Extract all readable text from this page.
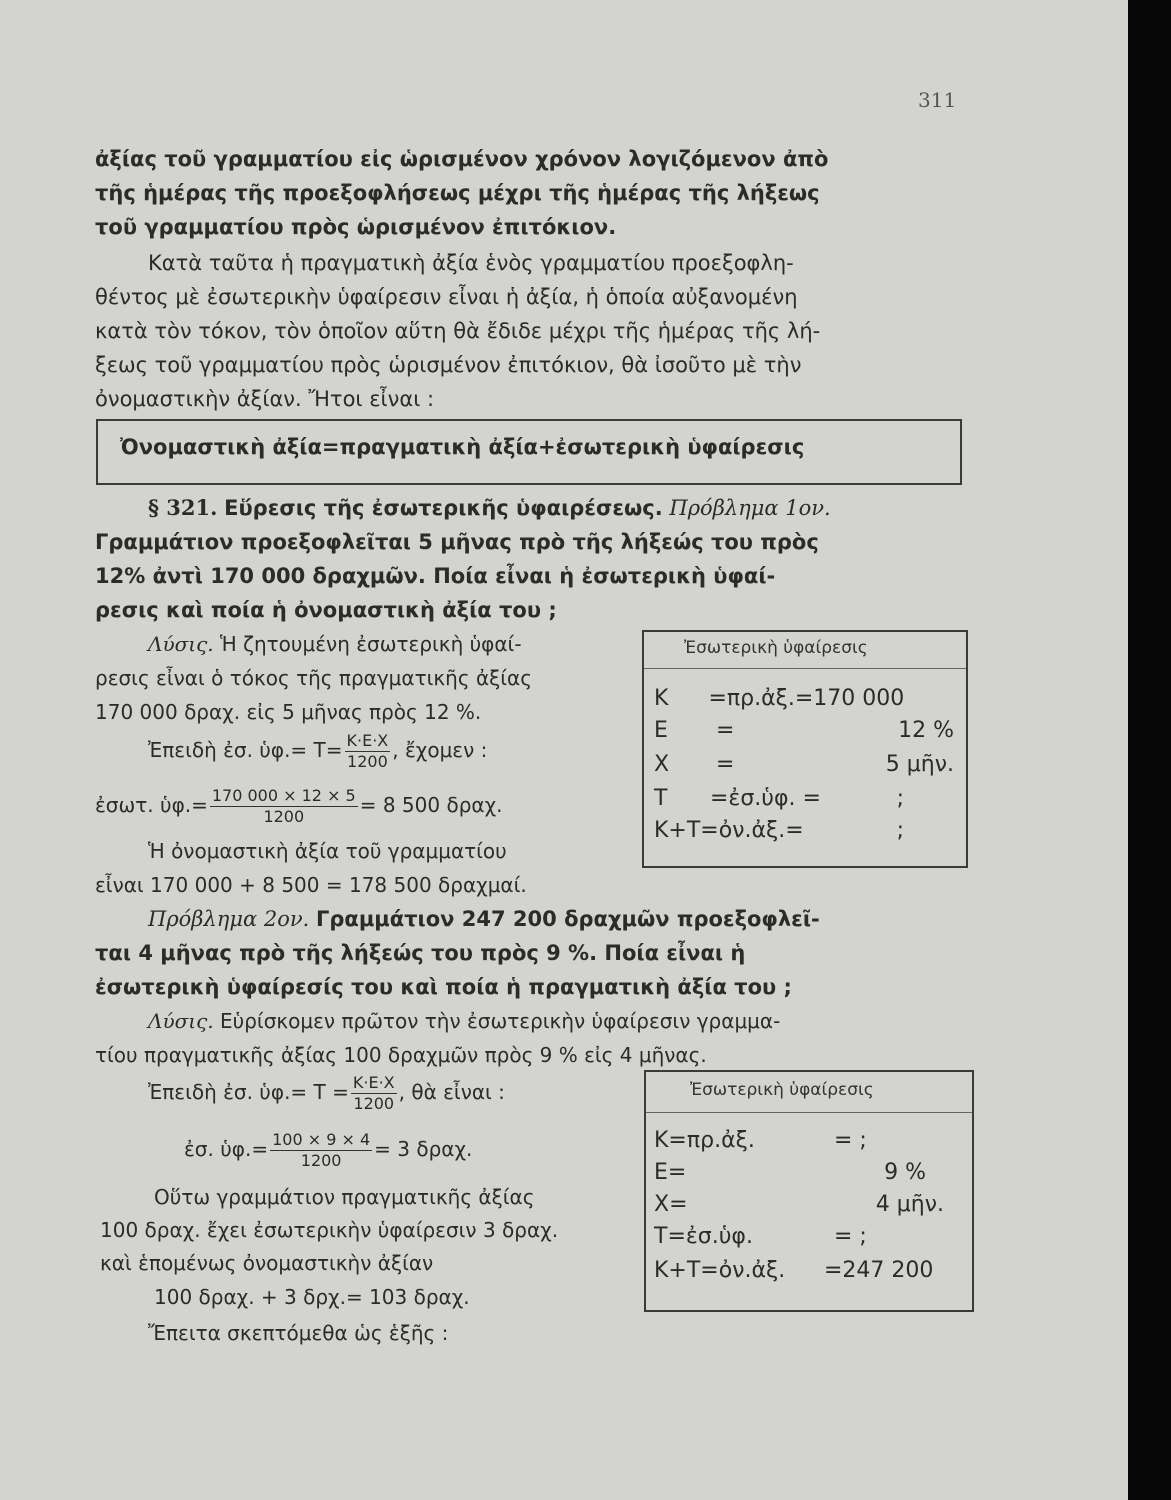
311
ἀξίας τοῦ γραμματίου εἰς ὡρισμένον χρόνον λογιζόμενον ἀπὸ
τῆς ἡμέρας τῆς προεξοφλήσεως μέχρι τῆς ἡμέρας τῆς λήξεως
τοῦ γραμματίου πρὸς ὡρισμένον ἐπιτόκιον.
Κατὰ ταῦτα ἡ πραγματικὴ ἀξία ἑνὸς γραμματίου προεξοφλη-
θέντος μὲ ἐσωτερικὴν ὑφαίρεσιν εἶναι ἡ ἀξία, ἡ ὁποία αὐξανομένη
κατὰ τὸν τόκον, τὸν ὁποῖον αὕτη θὰ ἔδιδε μέχρι τῆς ἡμέρας τῆς λή-
ξεως τοῦ γραμματίου πρὸς ὡρισμένον ἐπιτόκιον, θὰ ἰσοῦτο μὲ τὴν
ὀνομαστικὴν ἀξίαν. Ἤτοι εἶναι :
Ὀνομαστικὴ ἀξία=πραγματικὴ ἀξία+ἐσωτερικὴ ὑφαίρεσις
§ 321. Εὕρεσις τῆς ἐσωτερικῆς ὑφαιρέσεως. Πρόβλημα 1ον.
Γραμμάτιον προεξοφλεῖται 5 μῆνας πρὸ τῆς λήξεώς του πρὸς
12% ἀντὶ 170 000 δραχμῶν. Ποία εἶναι ἡ ἐσωτερικὴ ὑφαί-
ρεσις καὶ ποία ἡ ὀνομαστικὴ ἀξία του ;
Λύσις. Ἡ ζητουμένη ἐσωτερικὴ ὑφαί-
ρεσις εἶναι ὁ τόκος τῆς πραγματικῆς ἀξίας
170 000 δραχ. εἰς 5 μῆνας πρὸς 12 %.
Ἐπειδὴ ἐσ. ὑφ.= $T= \frac{K\cdot E\cdot X}{1200}$ , ἔχομεν :
ἐσωτ. ὑφ.= $\frac{170 000 \times 12 \times 5}{1200} = 8$ 500 δραχ.
Ἡ ὀνομαστικὴ ἀξία τοῦ γραμματίου
εἶναι 170 000 + 8 500 = 178 500 δραχμαί.
Ἐσωτερικὴ ὑφαίρεσις
K =πρ.ἀξ.=170 000
E =	12 %
X =	5 μῆν.
T =ἐσ.ὑφ. =	;
K+T=ὀν.ἀξ.=	;
Πρόβλημα 2ον. Γραμμάτιον 247 200 δραχμῶν προεξοφλεῖ-
ται 4 μῆνας πρὸ τῆς λήξεώς του πρὸς 9 %. Ποία εἶναι ἡ
ἐσωτερικὴ ὑφαίρεσίς του καὶ ποία ἡ πραγματικὴ ἀξία του ;
Λύσις. Εὑρίσκομεν πρῶτον τὴν ἐσωτερικὴν ὑφαίρεσιν γραμμα-
τίου πραγματικῆς ἀξίας 100 δραχμῶν πρὸς 9 % εἰς 4 μῆνας.
Ἐπειδὴ ἐσ. ὑφ.= $T = \frac{K\cdot E\cdot X}{1200}$ , θὰ εἶναι :
ἐσ. ὑφ.= $\frac{100 \times 9 \times 4}{1200} = 3$ δραχ.
Οὕτω γραμμάτιον πραγματικῆς ἀξίας
100 δραχ. ἔχει ἐσωτερικὴν ὑφαίρεσιν 3 δραχ.
καὶ ἑπομένως ὀνομαστικὴν ἀξίαν
100 δραχ. + 3 δρχ.= 103 δραχ.
Ἔπειτα σκεπτόμεθα ὡς ἑξῆς :
Ἐσωτερικὴ ὑφαίρεσις
K=πρ.ἀξ.	= ;
E=	9 %
X=	4 μῆν.
T=ἐσ.ὑφ.	= ;
K+T=ὀν.ἀξ. =247 200
